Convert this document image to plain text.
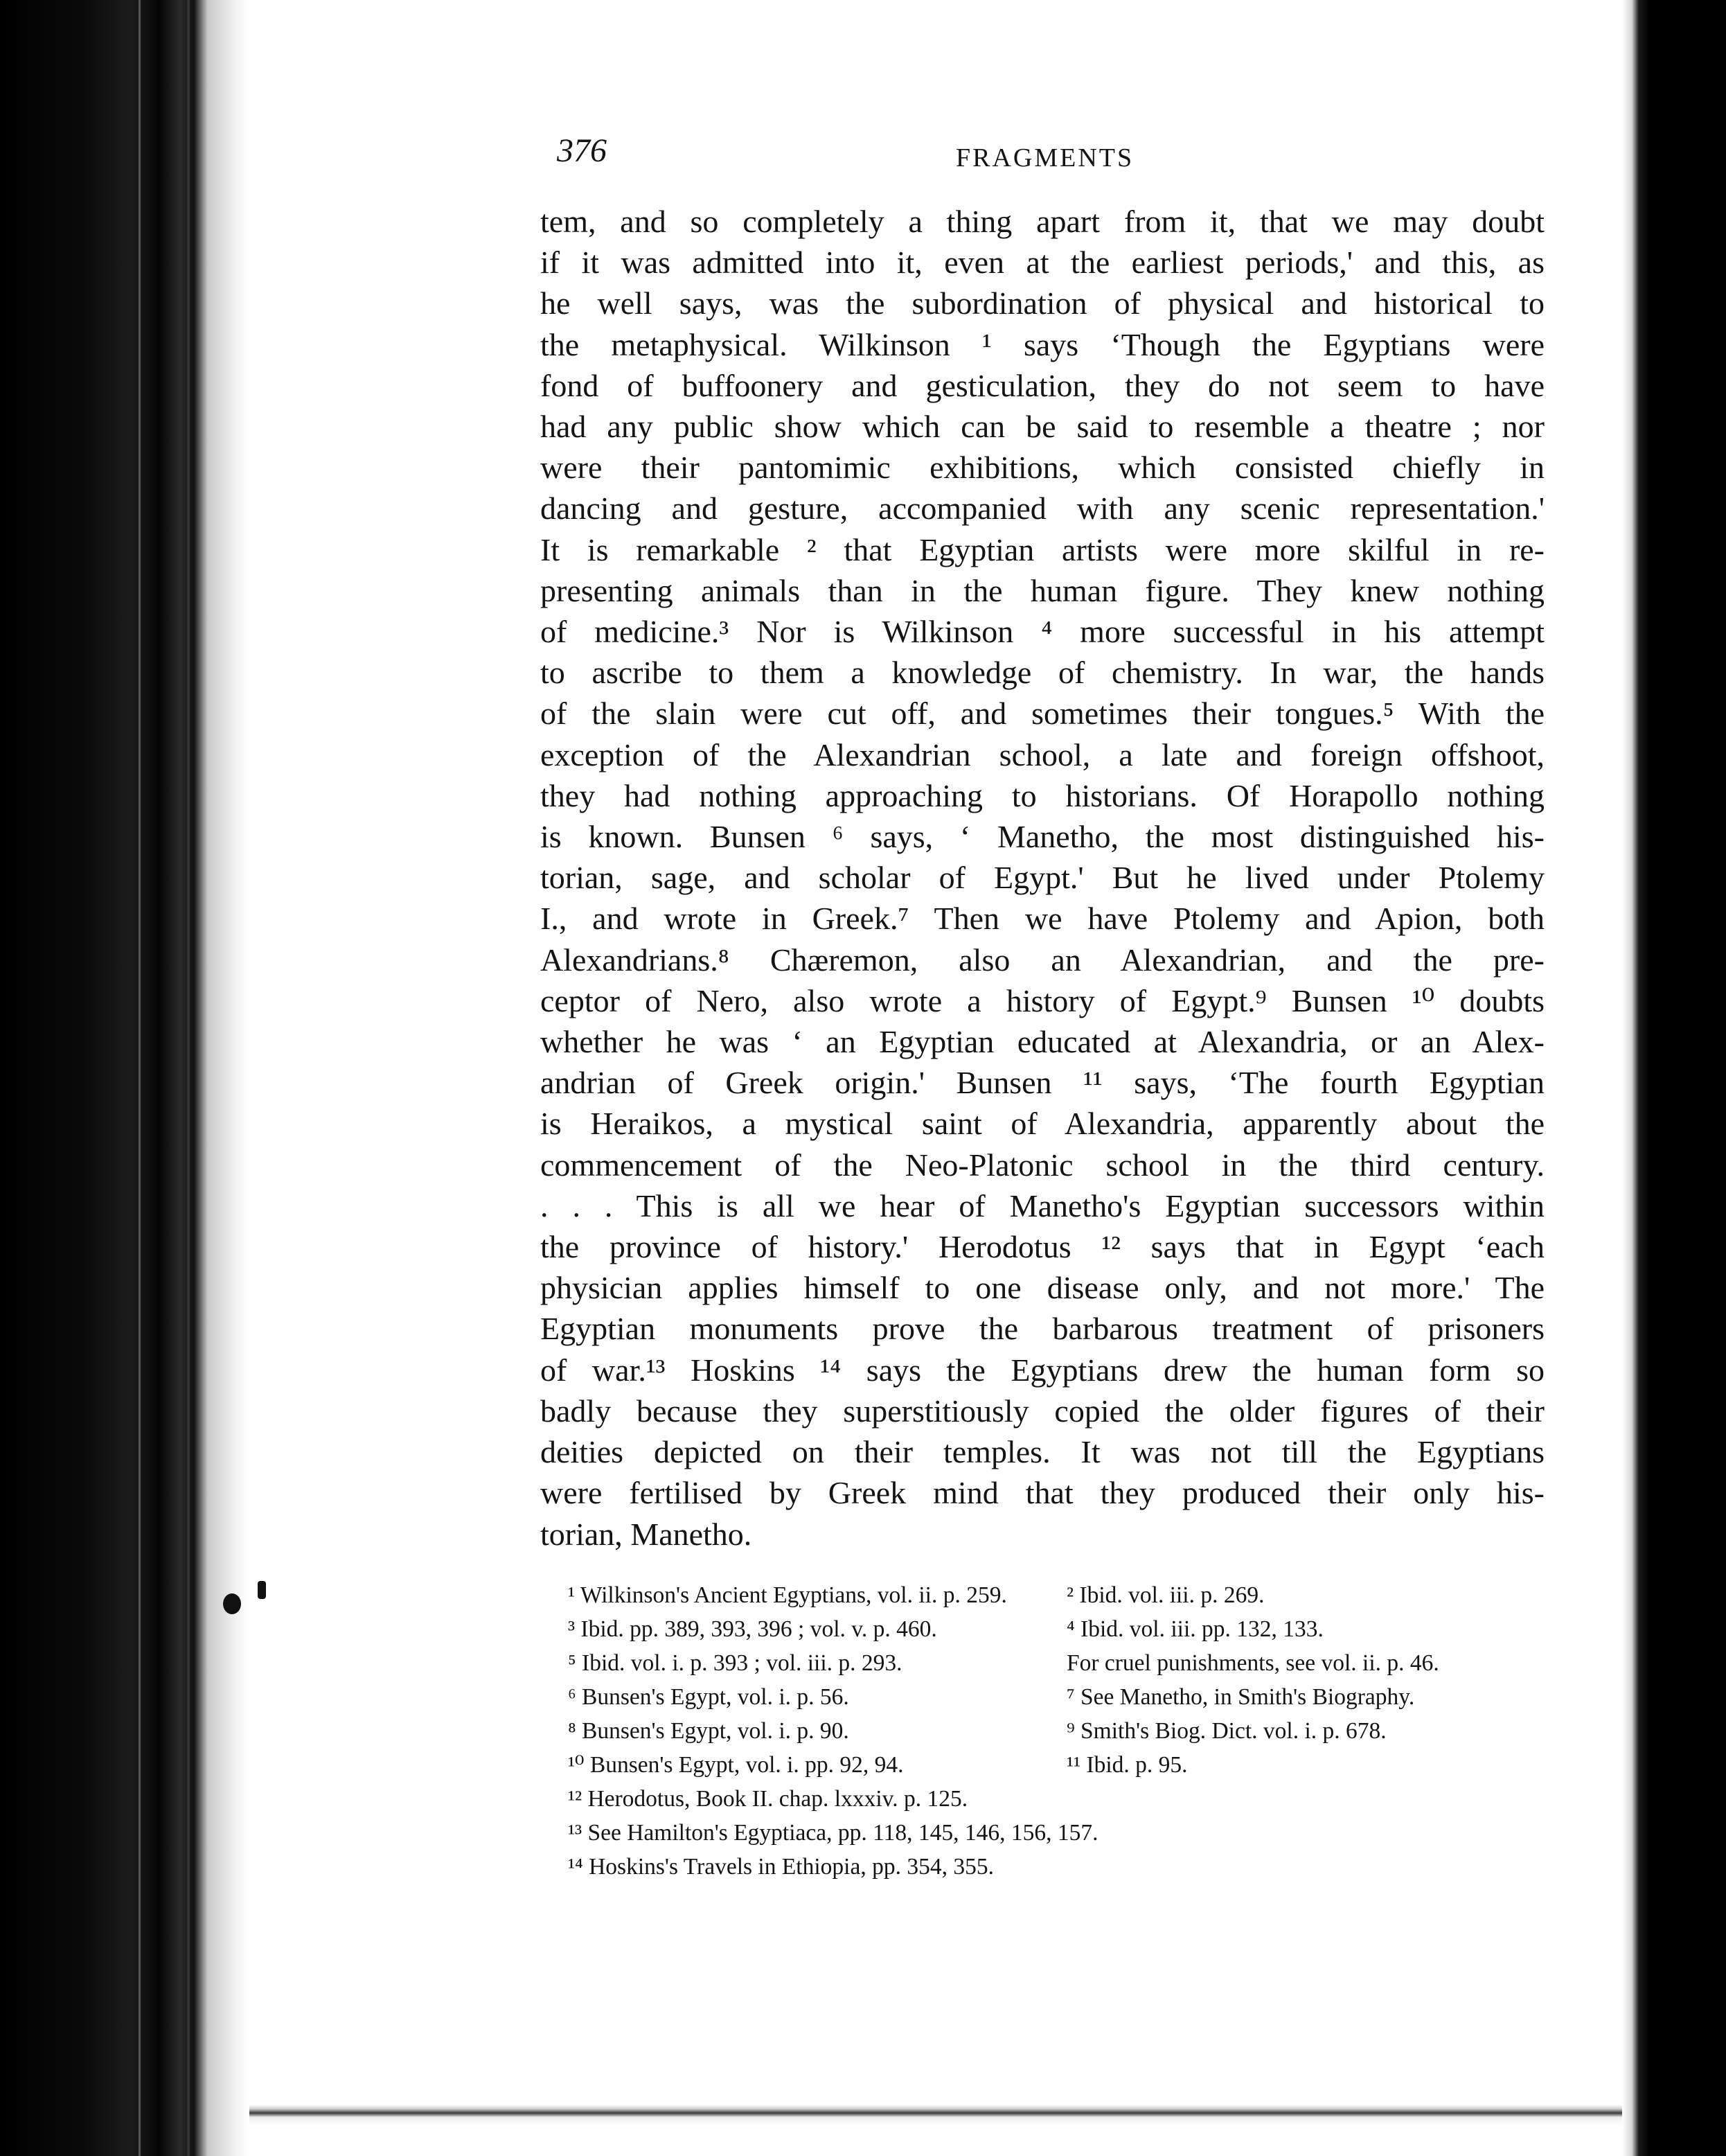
376	FRAGMENTS
tem, and so completely a thing apart from it, that we may doubt
if it was admitted into it, even at the earliest periods,' and this, as
he well says, was the subordination of physical and historical to
the metaphysical. Wilkinson ¹ says ‘Though the Egyptians were
fond of buffoonery and gesticulation, they do not seem to have
had any public show which can be said to resemble a theatre ; nor
were their pantomimic exhibitions, which consisted chiefly in
dancing and gesture, accompanied with any scenic representation.'
It is remarkable ² that Egyptian artists were more skilful in re-
presenting animals than in the human figure. They knew nothing
of medicine.³ Nor is Wilkinson ⁴ more successful in his attempt
to ascribe to them a knowledge of chemistry. In war, the hands
of the slain were cut off, and sometimes their tongues.⁵ With the
exception of the Alexandrian school, a late and foreign offshoot,
they had nothing approaching to historians. Of Horapollo nothing
is known. Bunsen ⁶ says, ‘ Manetho, the most distinguished his-
torian, sage, and scholar of Egypt.' But he lived under Ptolemy
I., and wrote in Greek.⁷ Then we have Ptolemy and Apion, both
Alexandrians.⁸ Chæremon, also an Alexandrian, and the pre-
ceptor of Nero, also wrote a history of Egypt.⁹ Bunsen ¹⁰ doubts
whether he was ‘ an Egyptian educated at Alexandria, or an Alex-
andrian of Greek origin.' Bunsen ¹¹ says, ‘The fourth Egyptian
is Heraikos, a mystical saint of Alexandria, apparently about the
commencement of the Neo-Platonic school in the third century.
. . . This is all we hear of Manetho's Egyptian successors within
the province of history.' Herodotus ¹² says that in Egypt ‘each
physician applies himself to one disease only, and not more.' The
Egyptian monuments prove the barbarous treatment of prisoners
of war.¹³ Hoskins ¹⁴ says the Egyptians drew the human form so
badly because they superstitiously copied the older figures of their
deities depicted on their temples. It was not till the Egyptians
were fertilised by Greek mind that they produced their only his-
torian, Manetho.
¹ Wilkinson's Ancient Egyptians, vol. ii. p. 259.	² Ibid. vol. iii. p. 269.
³ Ibid. pp. 389, 393, 396 ; vol. v. p. 460.	⁴ Ibid. vol. iii. pp. 132, 133.
⁵ Ibid. vol. i. p. 393 ; vol. iii. p. 293.	For cruel punishments, see vol. ii. p. 46.
⁶ Bunsen's Egypt, vol. i. p. 56.	⁷ See Manetho, in Smith's Biography.
⁸ Bunsen's Egypt, vol. i. p. 90.	⁹ Smith's Biog. Dict. vol. i. p. 678.
¹⁰ Bunsen's Egypt, vol. i. pp. 92, 94.	¹¹ Ibid. p. 95.
¹² Herodotus, Book II. chap. lxxxiv. p. 125.
¹³ See Hamilton's Egyptiaca, pp. 118, 145, 146, 156, 157.
¹⁴ Hoskins's Travels in Ethiopia, pp. 354, 355.
